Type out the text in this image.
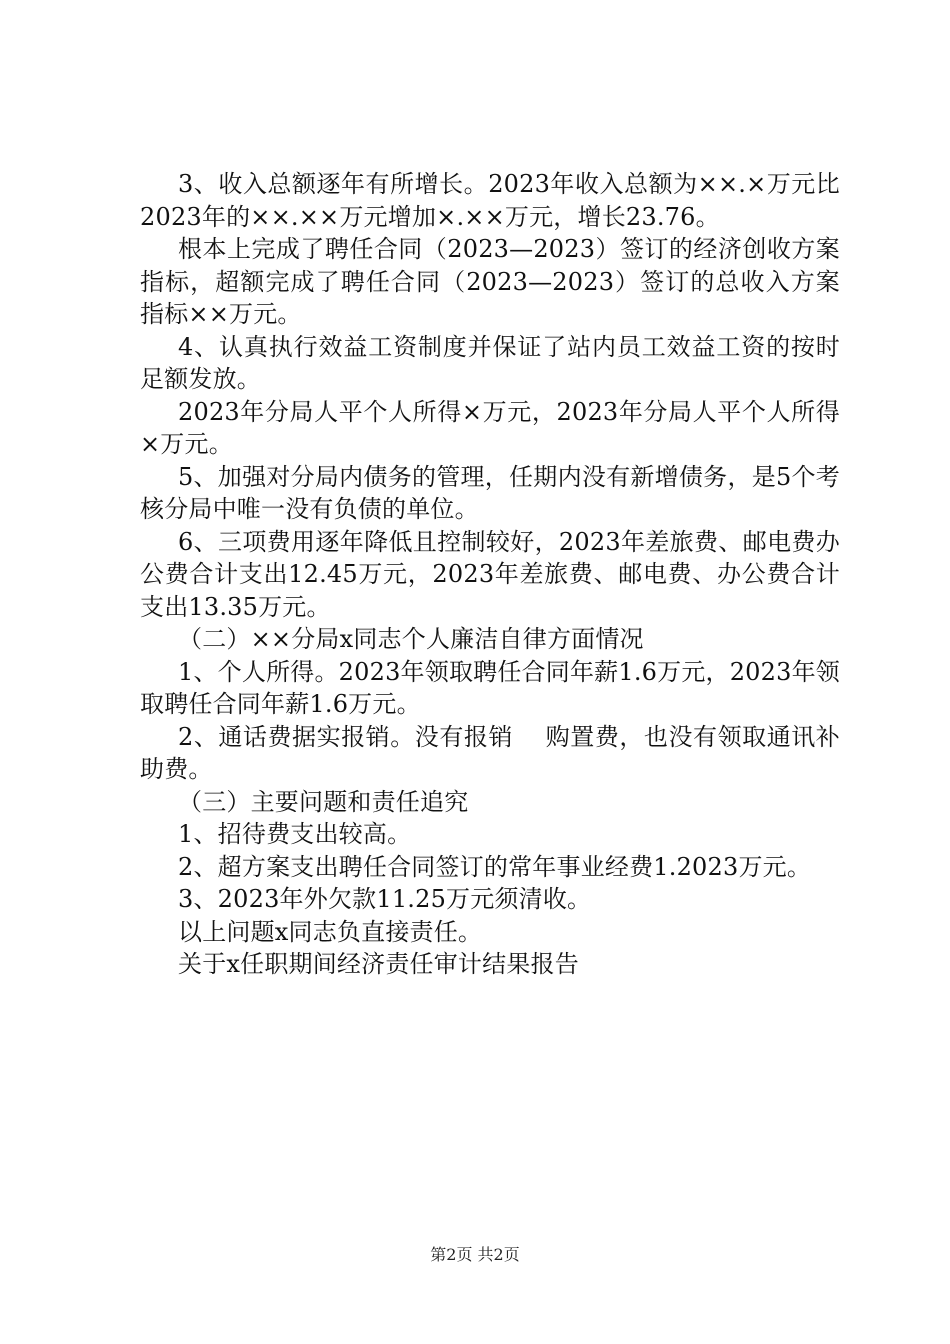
3、收入总额逐年有所增长。2023年收入总额为××.×万元比2023年的××.××万元增加×.××万元，增长23.76。

根本上完成了聘任合同（2023—2023）签订的经济创收方案指标，超额完成了聘任合同（2023—2023）签订的总收入方案指标××万元。

4、认真执行效益工资制度并保证了站内员工效益工资的按时足额发放。

2023年分局人平个人所得×万元，2023年分局人平个人所得×万元。

5、加强对分局内债务的管理，任期内没有新增债务，是5个考核分局中唯一没有负债的单位。

6、三项费用逐年降低且控制较好，2023年差旅费、邮电费办公费合计支出12.45万元，2023年差旅费、邮电费、办公费合计支出13.35万元。

（二）××分局x同志个人廉洁自律方面情况

1、个人所得。2023年领取聘任合同年薪1.6万元，2023年领取聘任合同年薪1.6万元。

2、通话费据实报销。没有报销　 购置费，也没有领取通讯补助费。

（三）主要问题和责任追究

1、招待费支出较高。

2、超方案支出聘任合同签订的常年事业经费1.2023万元。

3、2023年外欠款11.25万元须清收。

以上问题x同志负直接责任。

关于x任职期间经济责任审计结果报告

第2页 共2页
